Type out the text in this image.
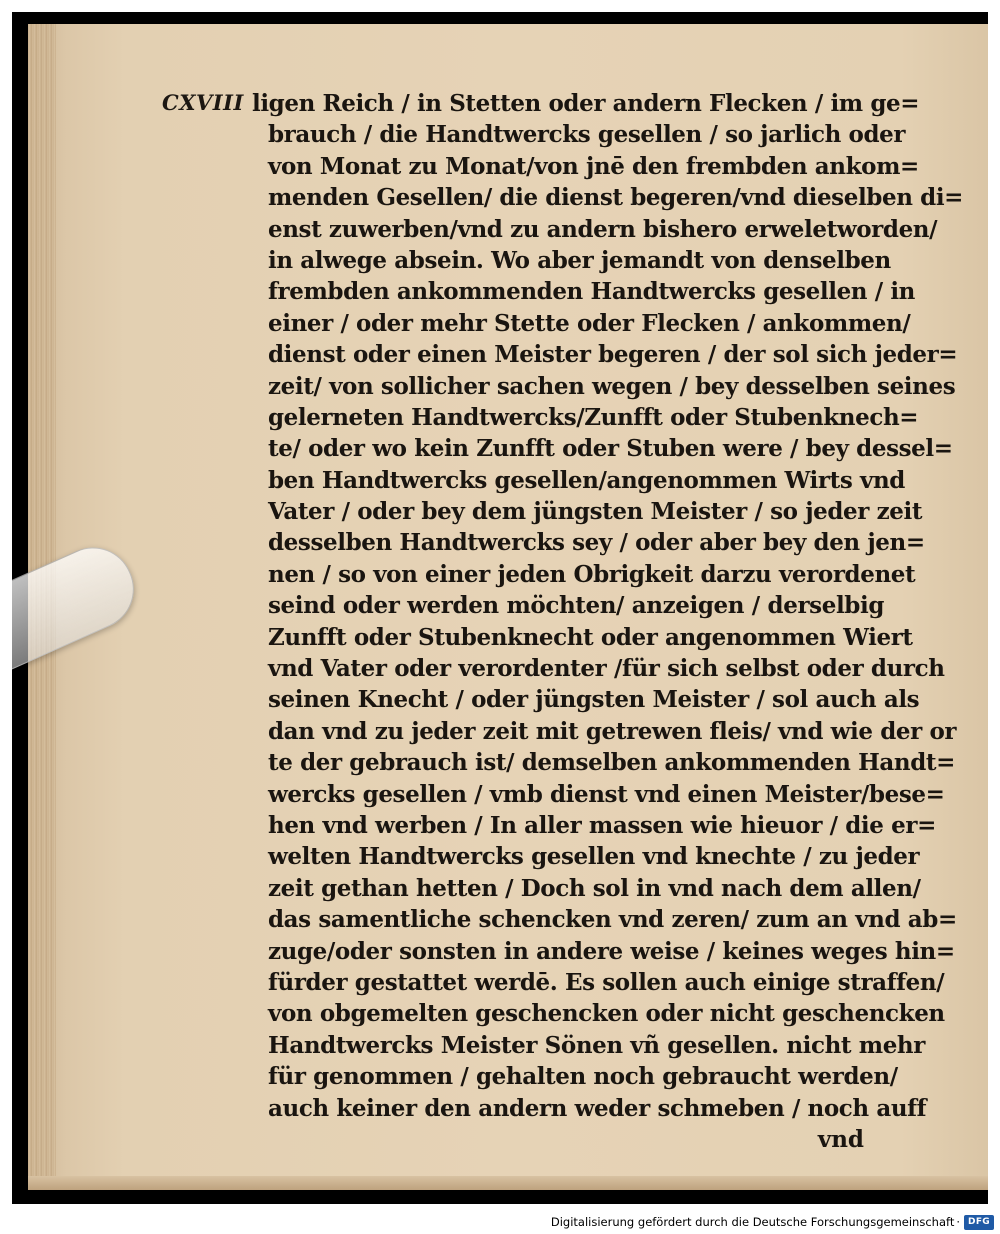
CXVIII ligen Reich / in Stetten oder andern Flecken / im ge=
brauch / die Handtwercks gesellen / so jarlich oder
von Monat zu Monat/von jnē den frembden ankom=
menden Gesellen/ die dienst begeren/vnd dieselben di=
enst zuwerben/vnd zu andern bishero erweletworden/
in alwege absein. Wo aber jemandt von denselben
frembden ankommenden Handtwercks gesellen / in
einer / oder mehr Stette oder Flecken / ankommen/
dienst oder einen Meister begeren / der sol sich jeder=
zeit/ von sollicher sachen wegen / bey desselben seines
gelerneten Handtwercks/Zunfft oder Stubenknech=
te/ oder wo kein Zunfft oder Stuben were / bey dessel=
ben Handtwercks gesellen/angenommen Wirts vnd
Vater / oder bey dem jüngsten Meister / so jeder zeit
desselben Handtwercks sey / oder aber bey den jen=
nen / so von einer jeden Obrigkeit darzu verordenet
seind oder werden möchten/ anzeigen / derselbig
Zunfft oder Stubenknecht oder angenommen Wiert
vnd Vater oder verordenter /für sich selbst oder durch
seinen Knecht / oder jüngsten Meister / sol auch als
dan vnd zu jeder zeit mit getrewen fleis/ vnd wie der or
te der gebrauch ist/ demselben ankommenden Handt=
wercks gesellen / vmb dienst vnd einen Meister/bese=
hen vnd werben / In aller massen wie hieuor / die er=
welten Handtwercks gesellen vnd knechte / zu jeder
zeit gethan hetten / Doch sol in vnd nach dem allen/
das samentliche schencken vnd zeren/ zum an vnd ab=
zuge/oder sonsten in andere weise / keines weges hin=
fürder gestattet werdē. Es sollen auch einige straffen/
von obgemelten geschencken oder nicht geschencken
Handtwercks Meister Sönen vñ gesellen. nicht mehr
für genommen / gehalten noch gebraucht werden/
auch keiner den andern weder schmeben / noch auff
vnd
Digitalisierung gefördert durch die Deutsche Forschungsgemeinschaft · DFG
